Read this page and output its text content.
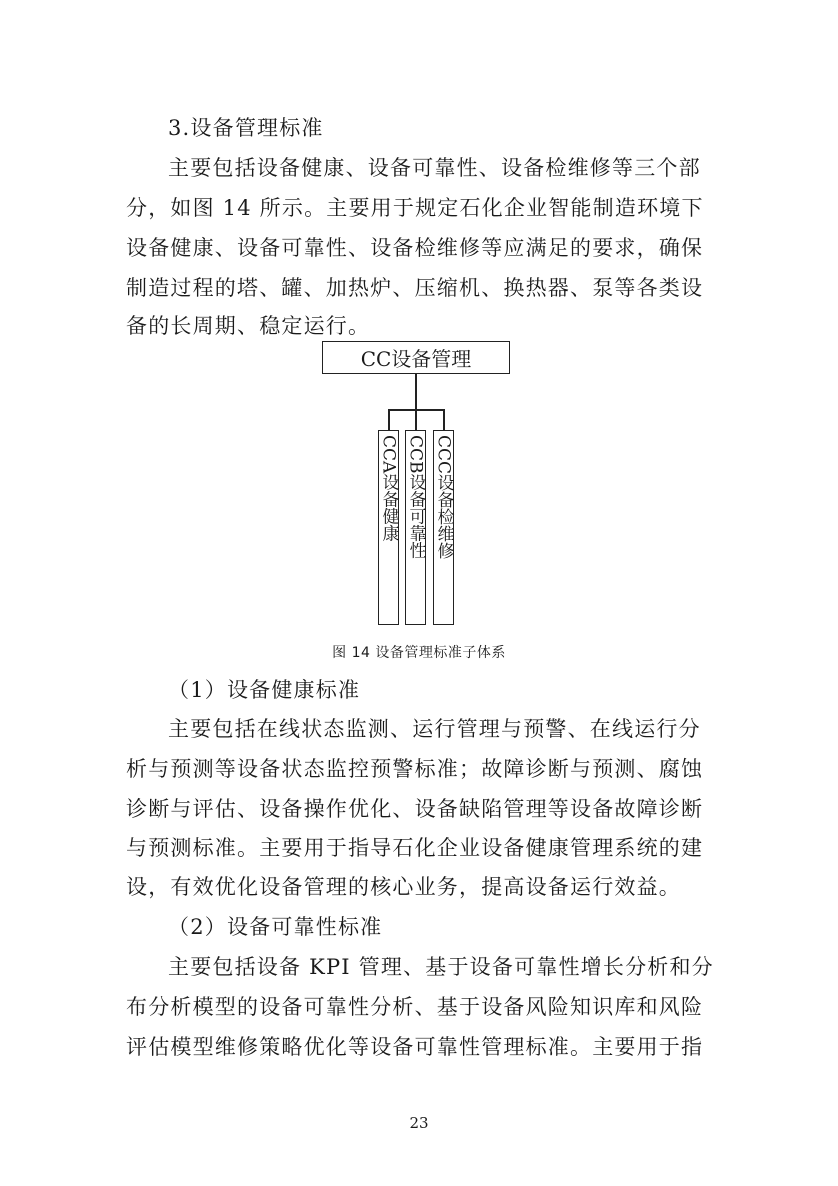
3.设备管理标准
主要包括设备健康、设备可靠性、设备检维修等三个部
分，如图 14 所示。主要用于规定石化企业智能制造环境下
设备健康、设备可靠性、设备检维修等应满足的要求，确保
制造过程的塔、罐、加热炉、压缩机、换热器、泵等各类设
备的长周期、稳定运行。
CC设备管理
CCA设备健康 CCB设备可靠性 CCC设备检维修
图 14 设备管理标准子体系
（1）设备健康标准
主要包括在线状态监测、运行管理与预警、在线运行分
析与预测等设备状态监控预警标准；故障诊断与预测、腐蚀
诊断与评估、设备操作优化、设备缺陷管理等设备故障诊断
与预测标准。主要用于指导石化企业设备健康管理系统的建
设，有效优化设备管理的核心业务，提高设备运行效益。
（2）设备可靠性标准
主要包括设备 KPI 管理、基于设备可靠性增长分析和分
布分析模型的设备可靠性分析、基于设备风险知识库和风险
评估模型维修策略优化等设备可靠性管理标准。主要用于指
23
